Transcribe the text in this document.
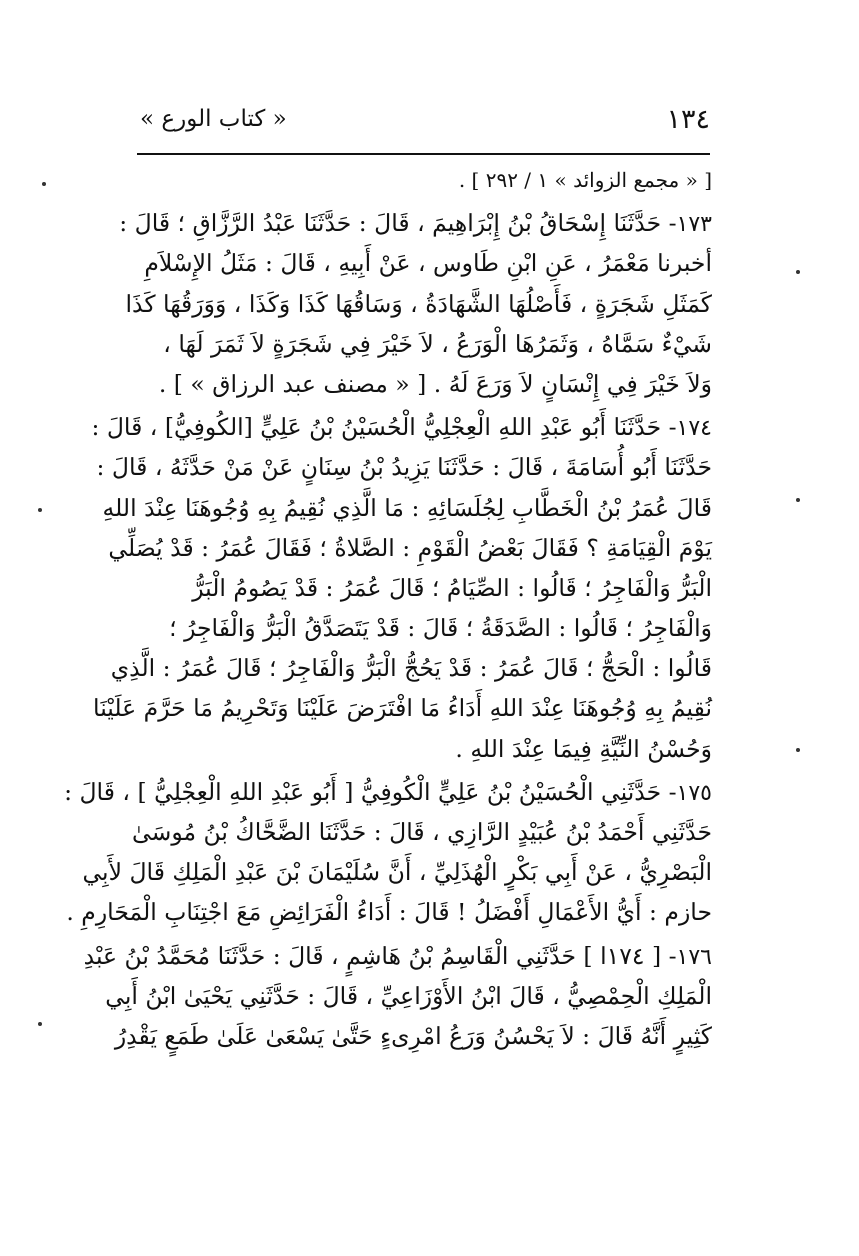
١٣٤
« كتاب الورع »
[ « مجمع الزوائد » ١ / ٢٩٢ ] .
١٧٣- حَدَّثَنَا إِسْحَاقُ بْنُ إِبْرَاهِيمَ ، قَالَ : حَدَّثَنَا عَبْدُ الرَّزَّاقِ ؛ قَالَ :
أخبرنا مَعْمَرُ ، عَنِ ابْنِ طَاوس ، عَنْ أَبِيهِ ، قَالَ : مَثَلُ الإِسْلاَمِ
كَمَثَلِ شَجَرَةٍ ، فَأَصْلُهَا الشَّهَادَةُ ، وَسَاقُهَا كَذَا وَكَذَا ، وَوَرَقُهَا كَذَا
شَيْءٌ سَمَّاهُ ، وَثَمَرُهَا الْوَرَعُ ، لاَ خَيْرَ فِي شَجَرَةٍ لاَ ثَمَرَ لَهَا ،
وَلاَ خَيْرَ فِي إِنْسَانٍ لاَ وَرَعَ لَهُ . [ « مصنف عبد الرزاق » ] .
١٧٤- حَدَّثَنَا أَبُو عَبْدِ اللهِ الْعِجْلِيُّ الْحُسَيْنُ بْنُ عَلِيٍّ [الكُوفِيُّ] ، قَالَ :
حَدَّثَنَا أَبُو أُسَامَةَ ، قَالَ : حَدَّثَنَا يَزِيدُ بْنُ سِنَانٍ عَنْ مَنْ حَدَّثَهُ ، قَالَ :
قَالَ عُمَرُ بْنُ الْخَطَّابِ لِجُلَسَائِهِ : مَا الَّذِي نُقِيمُ بِهِ وُجُوهَنَا عِنْدَ اللهِ
يَوْمَ الْقِيَامَةِ ؟ فَقَالَ بَعْضُ الْقَوْمِ : الصَّلاةُ ؛ فَقَالَ عُمَرُ : قَدْ يُصَلِّي
الْبَرُّ وَالْفَاجِرُ ؛ قَالُوا : الصِّيَامُ ؛ قَالَ عُمَرُ : قَدْ يَصُومُ الْبَرُّ
وَالْفَاجِرُ ؛ قَالُوا : الصَّدَقَةُ ؛ قَالَ : قَدْ يَتَصَدَّقُ الْبَرُّ وَالْفَاجِرُ ؛
قَالُوا : الْحَجُّ ؛ قَالَ عُمَرُ : قَدْ يَحُجُّ الْبَرُّ وَالْفَاجِرُ ؛ قَالَ عُمَرُ : الَّذِي
نُقِيمُ بِهِ وُجُوهَنَا عِنْدَ اللهِ أَدَاءُ مَا افْتَرَضَ عَلَيْنَا وَتَحْرِيمُ مَا حَرَّمَ عَلَيْنَا
وَحُسْنُ النِّيَّةِ فِيمَا عِنْدَ اللهِ .
١٧٥- حَدَّثَنِي الْحُسَيْنُ بْنُ عَلِيٍّ الْكُوفِيُّ [ أَبُو عَبْدِ اللهِ الْعِجْلِيُّ ] ، قَالَ :
حَدَّثَنِي أَحْمَدُ بْنُ عُبَيْدٍ الرَّازِي ، قَالَ : حَدَّثَنَا الضَّحَّاكُ بْنُ مُوسَىٰ
الْبَصْرِيُّ ، عَنْ أَبِي بَكْرٍ الْهُذَلِيِّ ، أَنَّ سُلَيْمَانَ بْنَ عَبْدِ الْمَلِكِ قَالَ لأَبِي
حازم : أَيُّ الأَعْمَالِ أَفْضَلُ ! قَالَ : أَدَاءُ الْفَرَائِضِ مَعَ اجْتِنَابِ الْمَحَارِمِ .
١٧٦- [ ١٧٤ا ] حَدَّثَنِي الْقَاسِمُ بْنُ هَاشِمٍ ، قَالَ : حَدَّثَنَا مُحَمَّدُ بْنُ عَبْدِ
الْمَلِكِ الْحِمْصِيُّ ، قَالَ ابْنُ الأَوْزَاعِيِّ ، قَالَ : حَدَّثَنِي يَحْيَىٰ ابْنُ أَبِي
كَثِيرٍ أَنَّهُ قَالَ : لاَ يَحْسُنُ وَرَعُ امْرِىءٍ حَتَّىٰ يَسْعَىٰ عَلَىٰ طَمَعٍ يَقْدِرُ
